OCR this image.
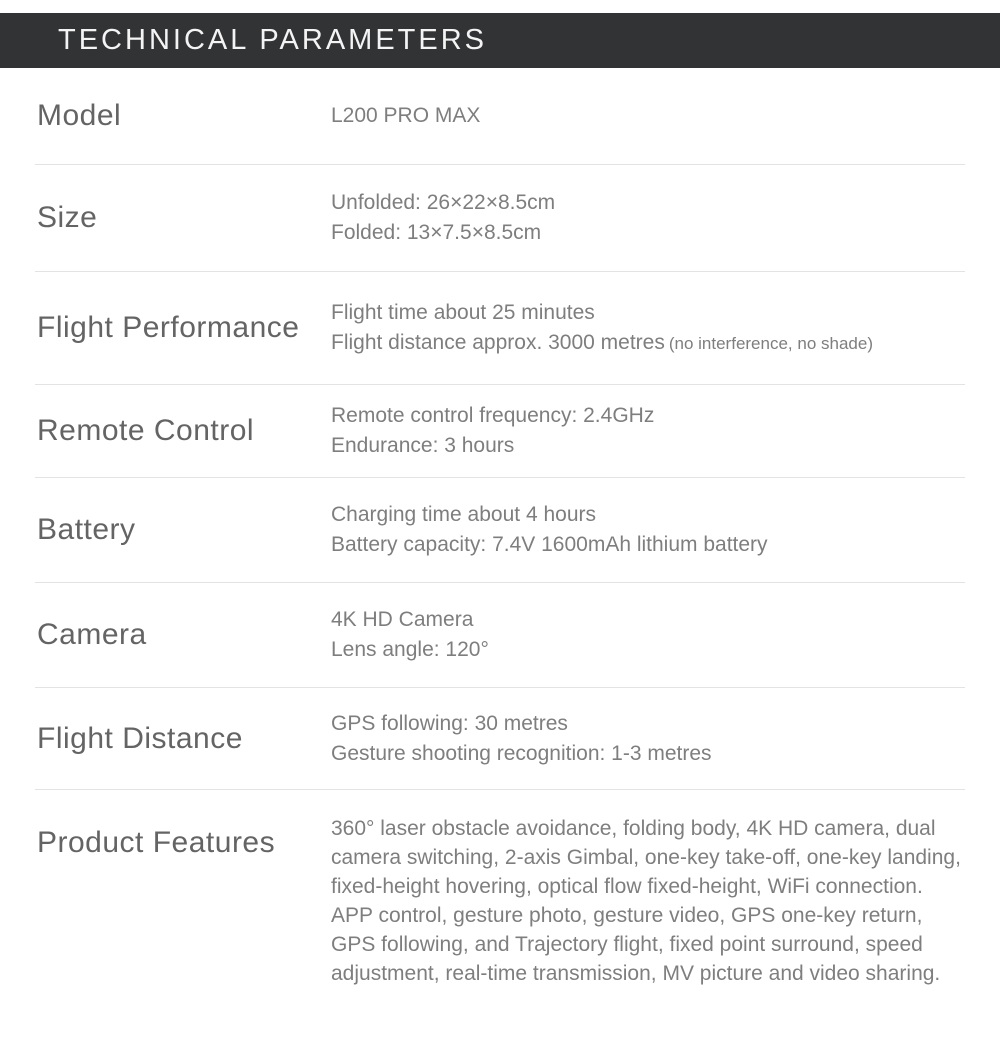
TECHNICAL PARAMETERS
Model	L200 PRO MAX
Size	Unfolded: 26×22×8.5cm
Folded: 13×7.5×8.5cm
Flight Performance	Flight time about 25 minutes
Flight distance approx. 3000 metres (no interference, no shade)
Remote Control	Remote control frequency: 2.4GHz
Endurance: 3 hours
Battery	Charging time about 4 hours
Battery capacity: 7.4V 1600mAh lithium battery
Camera	4K HD Camera
Lens angle: 120°
Flight Distance	GPS following: 30 metres
Gesture shooting recognition: 1-3 metres
Product Features	360° laser obstacle avoidance, folding body, 4K HD camera, dual camera switching, 2-axis Gimbal, one-key take-off, one-key landing, fixed-height hovering, optical flow fixed-height, WiFi connection. APP control, gesture photo, gesture video, GPS one-key return, GPS following, and Trajectory flight, fixed point surround, speed adjustment, real-time transmission, MV picture and video sharing.
